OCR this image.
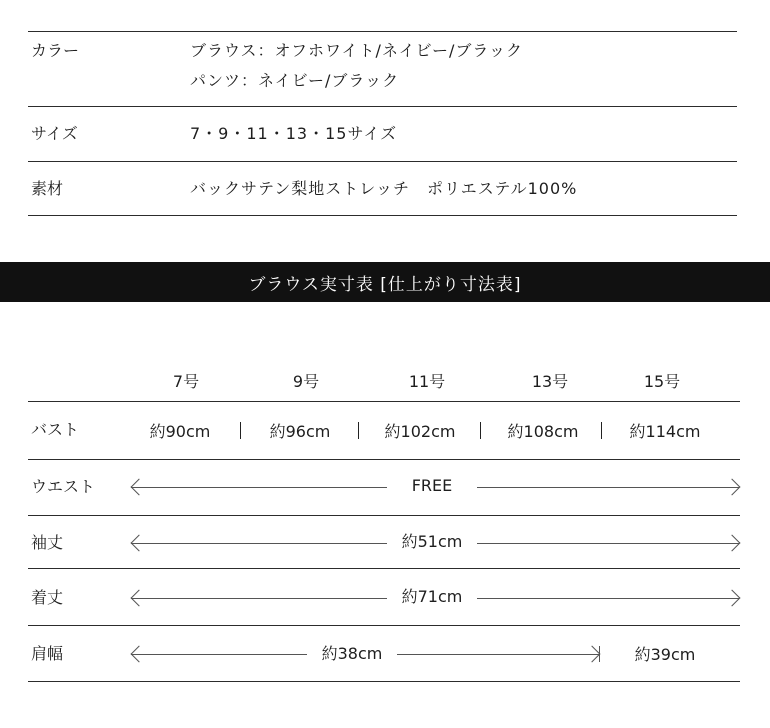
カラー	ブラウス：オフホワイト/ネイビー/ブラック
パンツ：ネイビー/ブラック
サイズ	7・9・11・13・15サイズ
素材	バックサテン梨地ストレッチ　ポリエステル100%
ブラウス実寸表 [仕上がり寸法表]
7号	9号	11号	13号	15号
バスト	約90cm	約96cm	約102cm	約108cm	約114cm
ウエスト	FREE
袖丈	約51cm
着丈	約71cm
肩幅	約38cm	約39cm
